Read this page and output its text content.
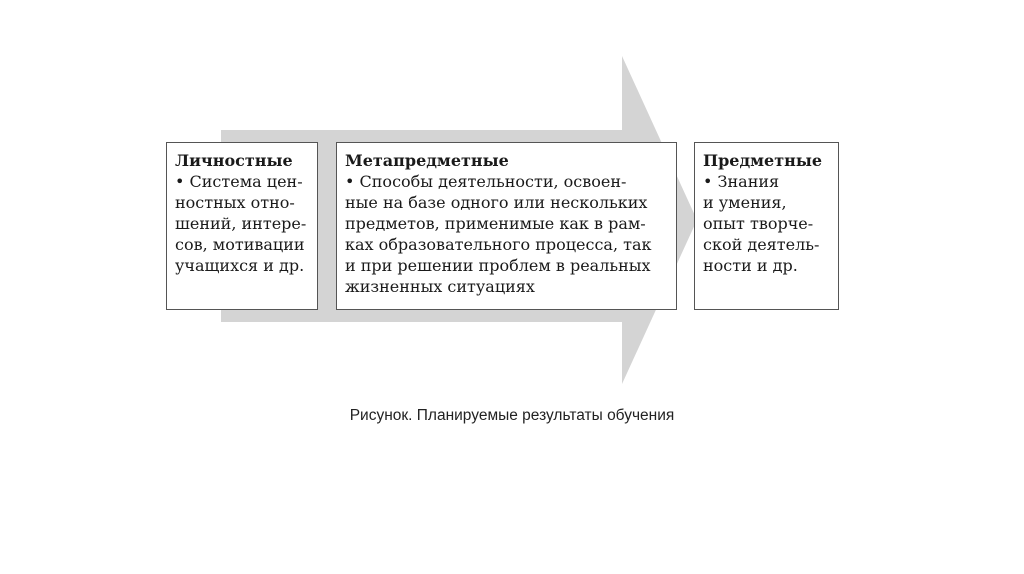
Личностные
• Система цен-
ностных отно-
шений, интере-
сов, мотивации
учащихся и др.
Метапредметные
• Способы деятельности, освоен-
ные на базе одного или нескольких
предметов, применимые как в рам-
ках образовательного процесса, так
и при решении проблем в реальных
жизненных ситуациях
Предметные
• Знания
и умения,
опыт творче-
ской деятель-
ности и др.
Рисунок. Планируемые результаты обучения
